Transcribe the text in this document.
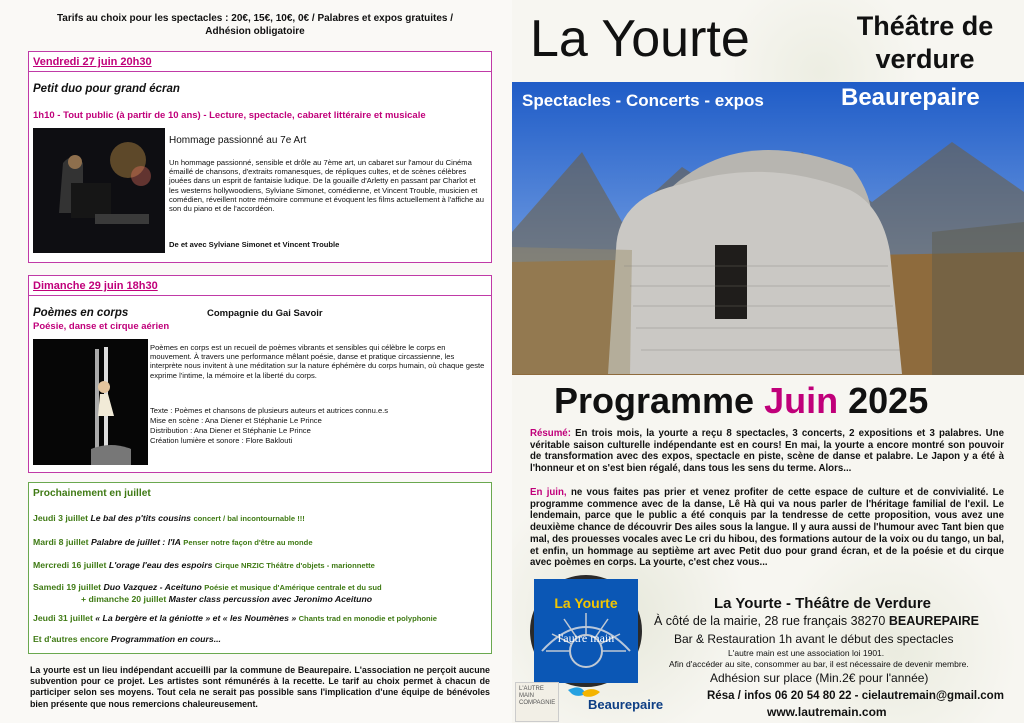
Tarifs au choix pour les spectacles : 20€, 15€, 10€, 0€ / Palabres et expos gratuites / Adhésion obligatoire
Vendredi 27 juin 20h30
Petit duo pour grand écran
1h10 - Tout public (à partir de 10 ans) - Lecture, spectacle, cabaret littéraire et musicale
Hommage passionné au 7e Art
Un hommage passionné, sensible et drôle au 7ème art, un cabaret sur l'amour du Cinéma émaillé de chansons, d'extraits romanesques, de répliques cultes, et de scènes célèbres jouées dans un esprit de fantaisie ludique. De la gouaille d'Arletty en passant par Charlot et les westerns hollywoodiens, Sylviane Simonet, comédienne, et Vincent Trouble, musicien et comédien, réveillent notre mémoire commune et évoquent les films actuellement à l'affiche au son du piano et de l'accordéon.
De et avec Sylviane Simonet et Vincent Trouble
Dimanche 29 juin 18h30
Poèmes en corps	Compagnie du Gai Savoir
Poésie, danse et cirque aérien
Poèmes en corps est un recueil de poèmes vibrants et sensibles qui célèbre le corps en mouvement. À travers une performance mêlant poésie, danse et pratique circassienne, les interprète nous invitent à une méditation sur la nature éphémère du corps humain, où chaque geste exprime l'intime, la mémoire et la liberté du corps.
Texte : Poèmes et chansons de plusieurs auteurs et autrices connu.e.s
Mise en scène : Ana Diener et Stéphanie Le Prince
Distribution : Ana Diener et Stéphanie Le Prince
Création lumière et sonore : Flore Baklouti
Prochainement en juillet
Jeudi 3 juillet Le bal des p'tits cousins concert / bal incontournable !!!
Mardi 8 juillet Palabre de juillet : l'IA Penser notre façon d'être au monde
Mercredi 16 juillet L'orage l'eau des espoirs Cirque NRZIC Théâtre d'objets - marionnette
Samedi 19 juillet Duo Vazquez - Aceituno Poésie et musique d'Amérique centrale et du sud
+ dimanche 20 juillet Master class percussion avec Jeronimo Aceituno
Jeudi 31 juillet « La bergère et la géniotte » et « les Noumènes » Chants trad en monodie et polyphonie
Et d'autres encore Programmation en cours...
La yourte est un lieu indépendant accueilli par la commune de Beaurepaire. L'association ne perçoit aucune subvention pour ce projet. Les artistes sont rémunérés à la recette. Le tarif au choix permet à chacun de participer selon ses moyens. Tout cela ne serait pas possible sans l'implication d'une équipe de bénévoles bien présente que nous remercions chaleureusement.
La Yourte	Théâtre de verdure
Spectacles - Concerts - expos	Beaurepaire
Programme Juin 2025
Résumé: En trois mois, la yourte a reçu 8 spectacles, 3 concerts, 2 expositions et 3 palabres. Une véritable saison culturelle indépendante est en cours! En mai, la yourte a encore montré son pouvoir de transformation avec des expos, spectacle en piste, scène de danse et palabre. Le Japon y a été à l'honneur et on s'est bien régalé, dans tous les sens du terme. Alors...
En juin, ne vous faites pas prier et venez profiter de cette espace de culture et de convivialité. Le programme commence avec de la danse, Lê Hà qui va nous parler de l'héritage familial de l'exil. Le lendemain, parce que le public a été conquis par la tendresse de cette proposition, vous avez une deuxième chance de découvrir Des ailes sous la langue. Il y aura aussi de l'humour avec Tant bien que mal, des prouesses vocales avec Le cri du hibou, des formations autour de la voix ou du tango, un bal, et enfin, un hommage au septième art avec Petit duo pour grand écran, et de la poésie et du cirque avec poèmes en corps. La yourte, c'est chez vous...
La Yourte
l'autre main
La Yourte - Théâtre de Verdure
À côté de la mairie, 28 rue français 38270 BEAUREPAIRE
Bar & Restauration 1h avant le début des spectacles
L'autre main est une association loi 1901.
Afin d'accéder au site, consommer au bar, il est nécessaire de devenir membre.
Adhésion sur place (Min.2€ pour l'année)
Résa / infos 06 20 54 80 22 - cielautremain@gmail.com
www.lautremain.com
L'AUTRE MAIN COMPAGNIE	Beaurepaire
